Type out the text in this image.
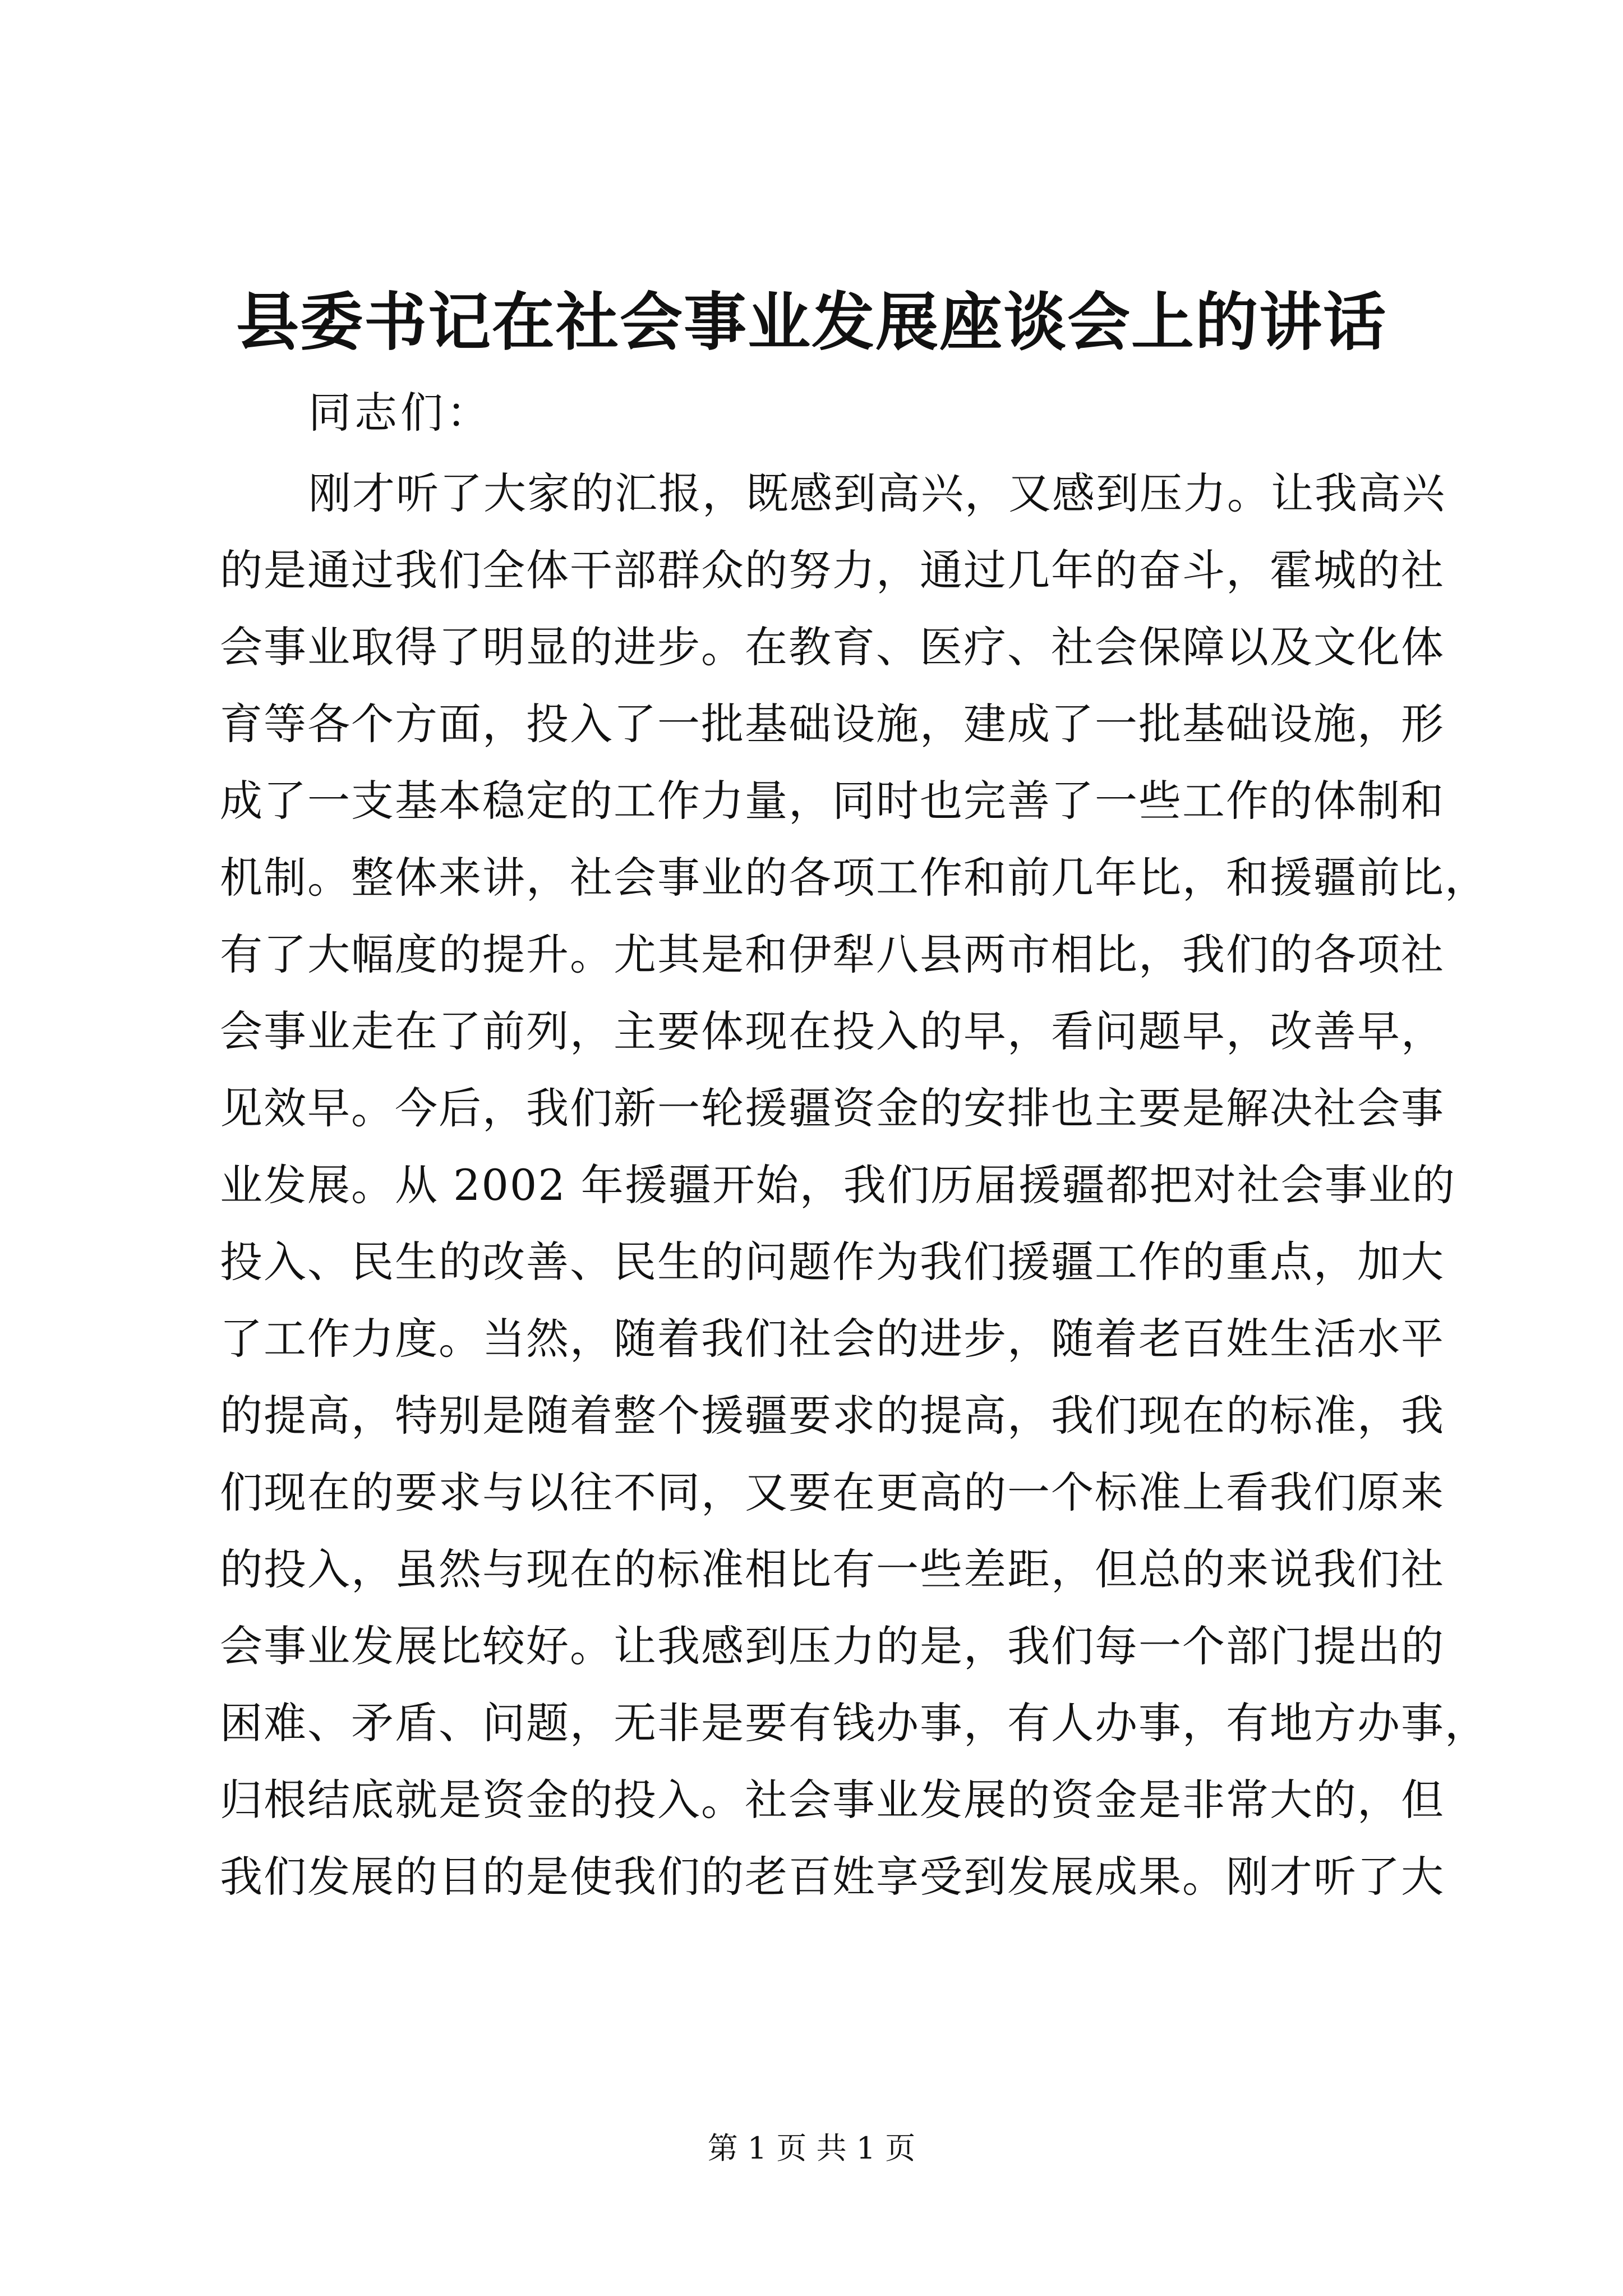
县委书记在社会事业发展座谈会上的讲话
同志们：
刚才听了大家的汇报，既感到高兴，又感到压力。让我高兴
的是通过我们全体干部群众的努力，通过几年的奋斗，霍城的社
会事业取得了明显的进步。在教育、医疗、社会保障以及文化体
育等各个方面，投入了一批基础设施，建成了一批基础设施，形
成了一支基本稳定的工作力量，同时也完善了一些工作的体制和
机制。整体来讲，社会事业的各项工作和前几年比，和援疆前比，
有了大幅度的提升。尤其是和伊犁八县两市相比，我们的各项社
会事业走在了前列，主要体现在投入的早，看问题早，改善早，
见效早。今后，我们新一轮援疆资金的安排也主要是解决社会事
业发展。从 2002 年援疆开始，我们历届援疆都把对社会事业的
投入、民生的改善、民生的问题作为我们援疆工作的重点，加大
了工作力度。当然，随着我们社会的进步，随着老百姓生活水平
的提高，特别是随着整个援疆要求的提高，我们现在的标准，我
们现在的要求与以往不同，又要在更高的一个标准上看我们原来
的投入，虽然与现在的标准相比有一些差距，但总的来说我们社
会事业发展比较好。让我感到压力的是，我们每一个部门提出的
困难、矛盾、问题，无非是要有钱办事，有人办事，有地方办事，
归根结底就是资金的投入。社会事业发展的资金是非常大的，但
我们发展的目的是使我们的老百姓享受到发展成果。刚才听了大
第 1 页 共 1 页
